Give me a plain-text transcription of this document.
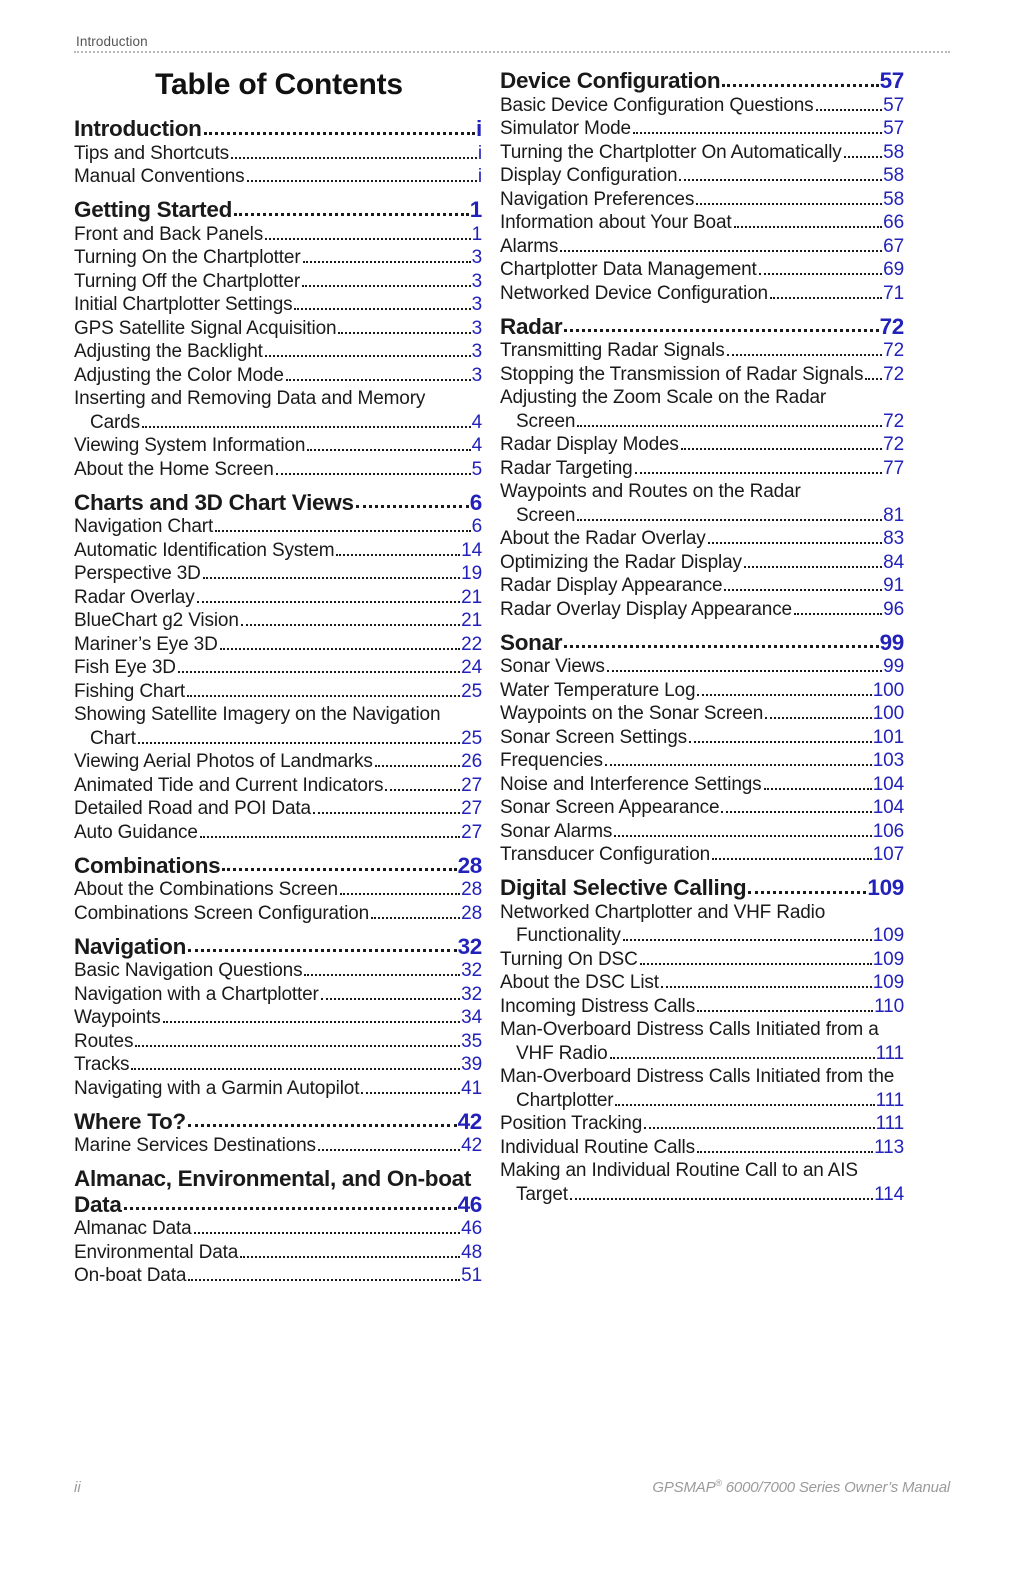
Introduction
Table of Contents
Introduction	i
Tips and Shortcuts	i
Manual Conventions	i
Getting Started	1
Front and Back Panels	1
Turning On the Chartplotter	3
Turning Off the Chartplotter	3
Initial Chartplotter Settings	3
GPS Satellite Signal Acquisition	3
Adjusting the Backlight	3
Adjusting the Color Mode	3
Inserting and Removing Data and Memory
Cards	4
Viewing System Information	4
About the Home Screen	5
Charts and 3D Chart Views	6
Navigation Chart	6
Automatic Identification System	14
Perspective 3D	19
Radar Overlay	21
BlueChart g2 Vision	21
Mariner’s Eye 3D	22
Fish Eye 3D	24
Fishing Chart	25
Showing Satellite Imagery on the Navigation
Chart	25
Viewing Aerial Photos of Landmarks	26
Animated Tide and Current Indicators	27
Detailed Road and POI Data	27
Auto Guidance	27
Combinations	28
About the Combinations Screen	28
Combinations Screen Configuration	28
Navigation	32
Basic Navigation Questions	32
Navigation with a Chartplotter	32
Waypoints	34
Routes	35
Tracks	39
Navigating with a Garmin Autopilot	41
Where To?	42
Marine Services Destinations	42
Almanac, Environmental, and On-boat
Data	46
Almanac Data	46
Environmental Data	48
On-boat Data	51
Device Configuration	57
Basic Device Configuration Questions	57
Simulator Mode	57
Turning the Chartplotter On Automatically 58
Display Configuration	58
Navigation Preferences	58
Information about Your Boat	66
Alarms	67
Chartplotter Data Management	69
Networked Device Configuration	71
Radar	72
Transmitting Radar Signals	72
Stopping the Transmission of Radar Signals 72
Adjusting the Zoom Scale on the Radar
Screen	72
Radar Display Modes	72
Radar Targeting	77
Waypoints and Routes on the Radar
Screen	81
About the Radar Overlay	83
Optimizing the Radar Display	84
Radar Display Appearance	91
Radar Overlay Display Appearance	96
Sonar	99
Sonar Views	99
Water Temperature Log	100
Waypoints on the Sonar Screen	100
Sonar Screen Settings	101
Frequencies	103
Noise and Interference Settings	104
Sonar Screen Appearance	104
Sonar Alarms	106
Transducer Configuration	107
Digital Selective Calling	109
Networked Chartplotter and VHF Radio
Functionality	109
Turning On DSC	109
About the DSC List	109
Incoming Distress Calls	110
Man-Overboard Distress Calls Initiated from a
VHF Radio	111
Man-Overboard Distress Calls Initiated from the
Chartplotter	111
Position Tracking	111
Individual Routine Calls	113
Making an Individual Routine Call to an AIS
Target	114
ii	GPSMAP® 6000/7000 Series Owner’s Manual
